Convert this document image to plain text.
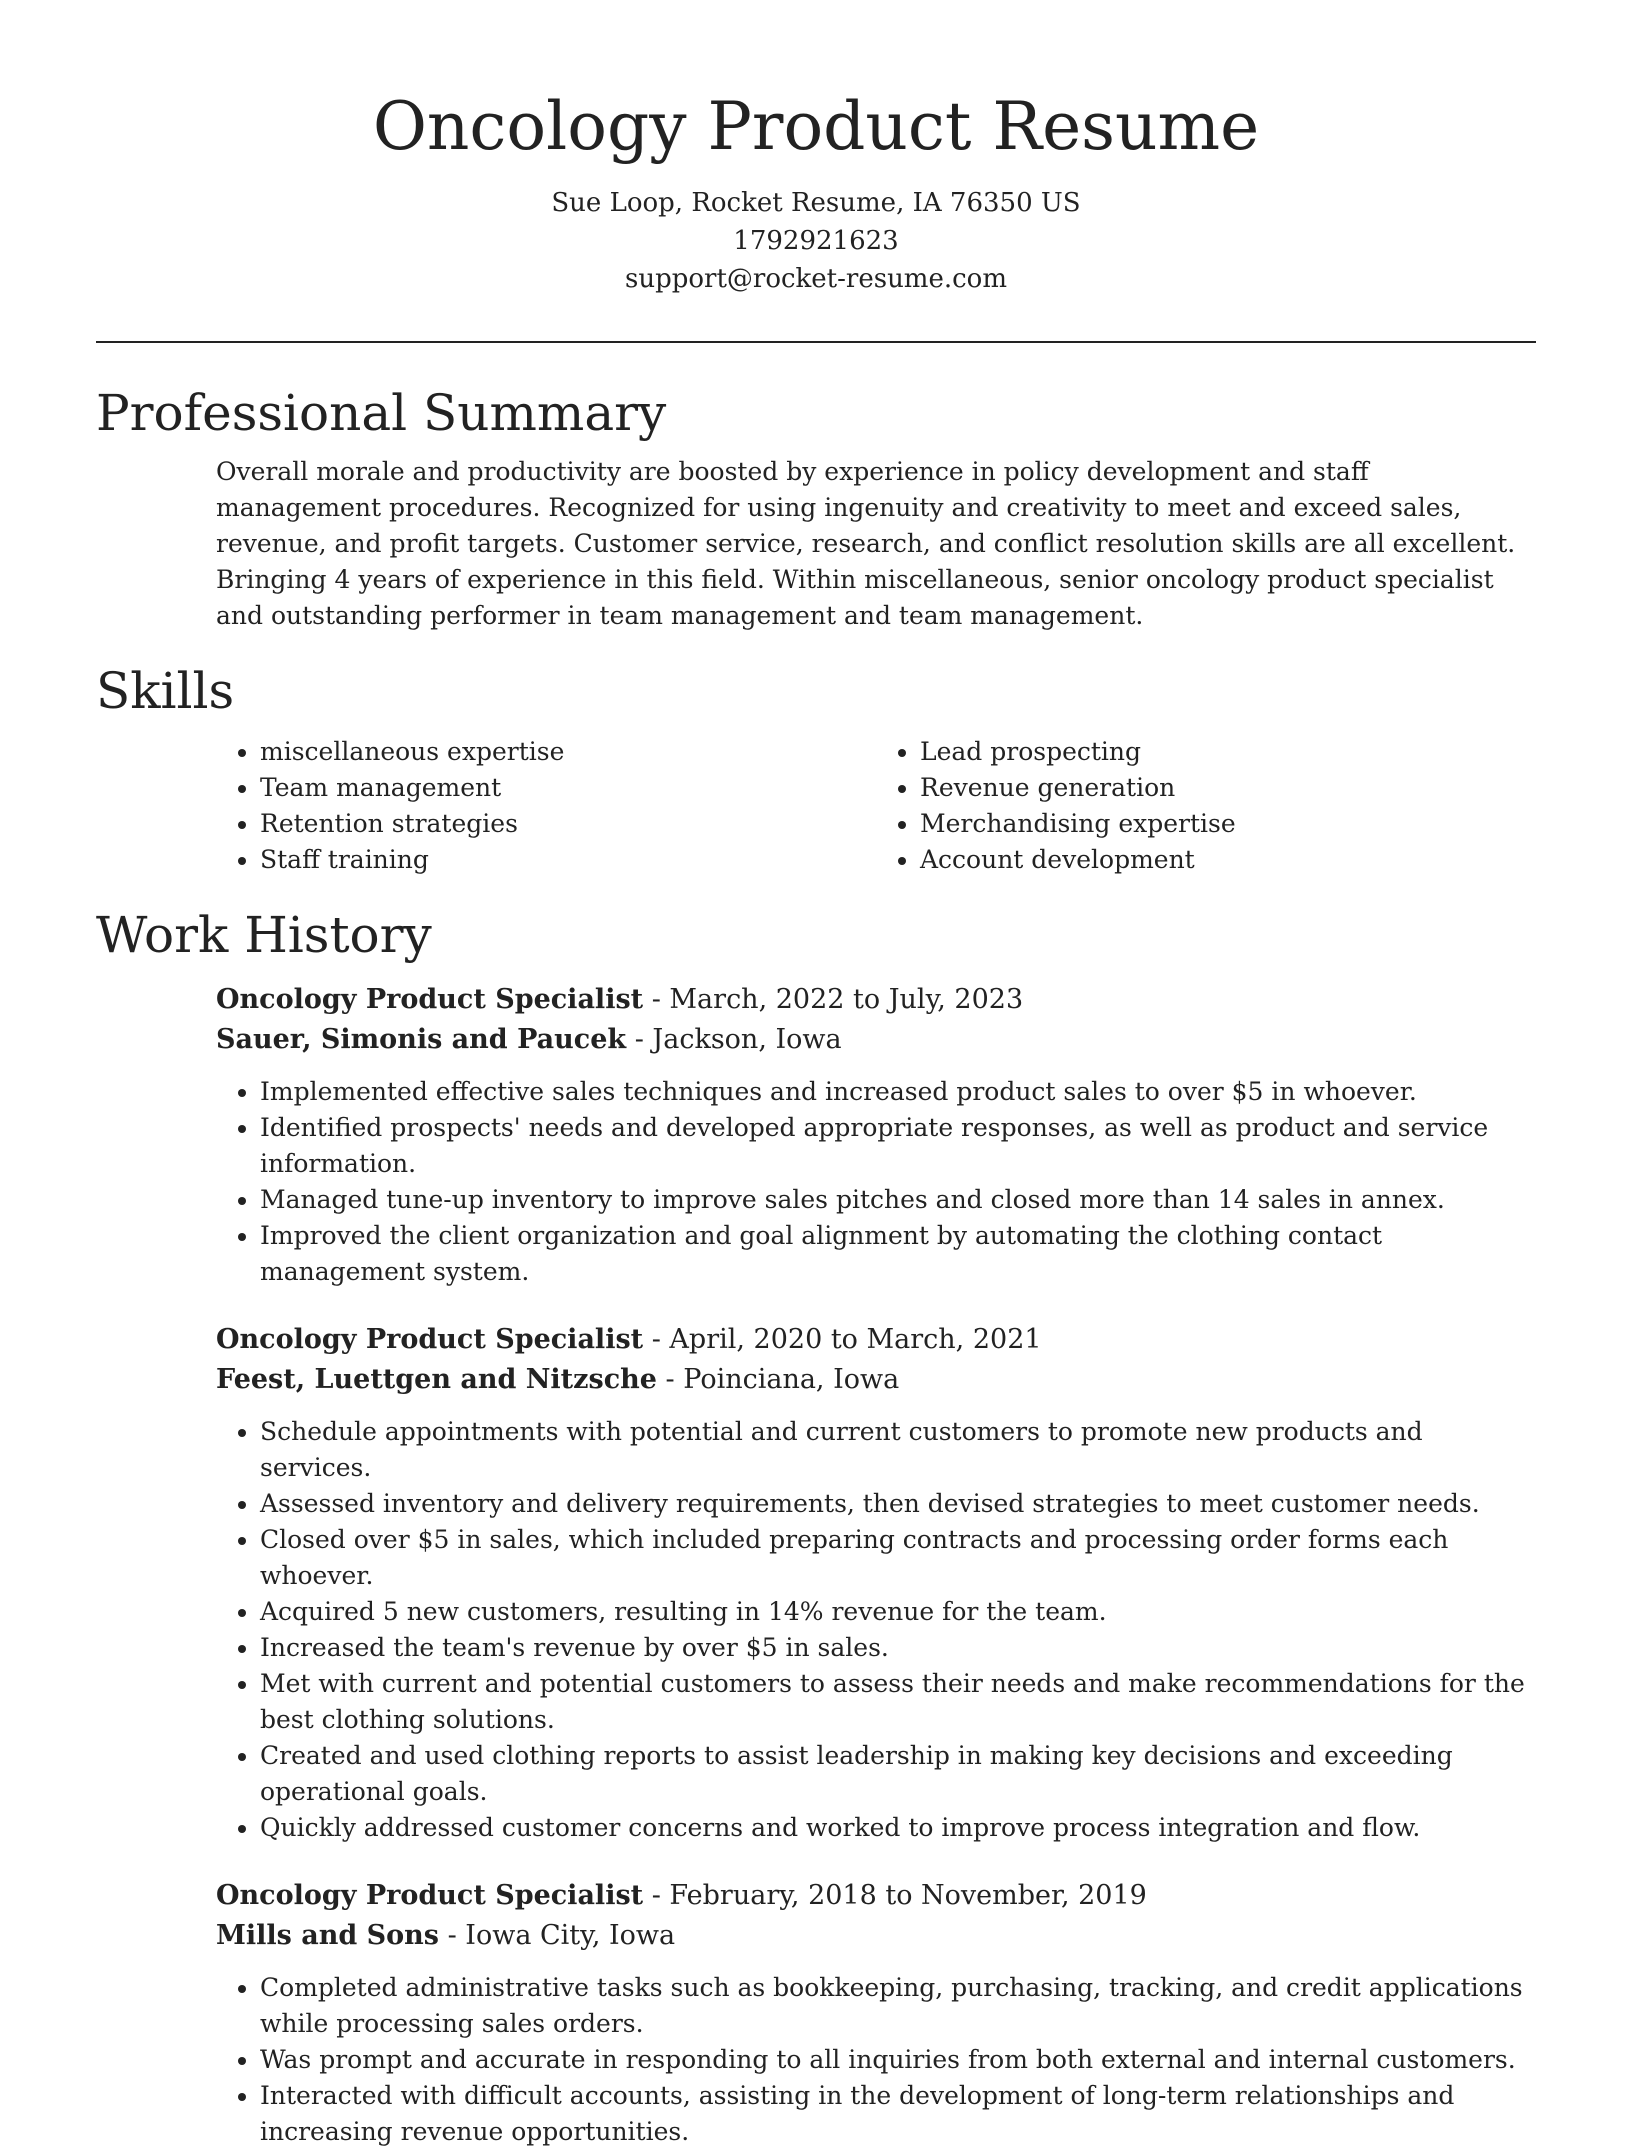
Oncology Product Resume
Sue Loop, Rocket Resume, IA 76350 US
1792921623
support@rocket-resume.com
Professional Summary

Overall morale and productivity are boosted by experience in policy development and staff management procedures. Recognized for using ingenuity and creativity to meet and exceed sales, revenue, and profit targets. Customer service, research, and conflict resolution skills are all excellent. Bringing 4 years of experience in this field. Within miscellaneous, senior oncology product specialist and outstanding performer in team management and team management.

Skills
• miscellaneous expertise
• Team management
• Retention strategies
• Staff training
• Lead prospecting
• Revenue generation
• Merchandising expertise
• Account development
Work History

Oncology Product Specialist - March, 2022 to July, 2023

Sauer, Simonis and Paucek - Jackson, Iowa

• Implemented effective sales techniques and increased product sales to over $5 in whoever.
• Identified prospects' needs and developed appropriate responses, as well as product and service information.
• Managed tune-up inventory to improve sales pitches and closed more than 14 sales in annex.
• Improved the client organization and goal alignment by automating the clothing contact management system.

Oncology Product Specialist - April, 2020 to March, 2021

Feest, Luettgen and Nitzsche - Poinciana, Iowa

• Schedule appointments with potential and current customers to promote new products and services.
• Assessed inventory and delivery requirements, then devised strategies to meet customer needs.
• Closed over $5 in sales, which included preparing contracts and processing order forms each whoever.
• Acquired 5 new customers, resulting in 14% revenue for the team.
• Increased the team's revenue by over $5 in sales.
• Met with current and potential customers to assess their needs and make recommendations for the best clothing solutions.
• Created and used clothing reports to assist leadership in making key decisions and exceeding operational goals.
• Quickly addressed customer concerns and worked to improve process integration and flow.

Oncology Product Specialist - February, 2018 to November, 2019

Mills and Sons - Iowa City, Iowa

• Completed administrative tasks such as bookkeeping, purchasing, tracking, and credit applications while processing sales orders.
• Was prompt and accurate in responding to all inquiries from both external and internal customers.
• Interacted with difficult accounts, assisting in the development of long-term relationships and increasing revenue opportunities.
